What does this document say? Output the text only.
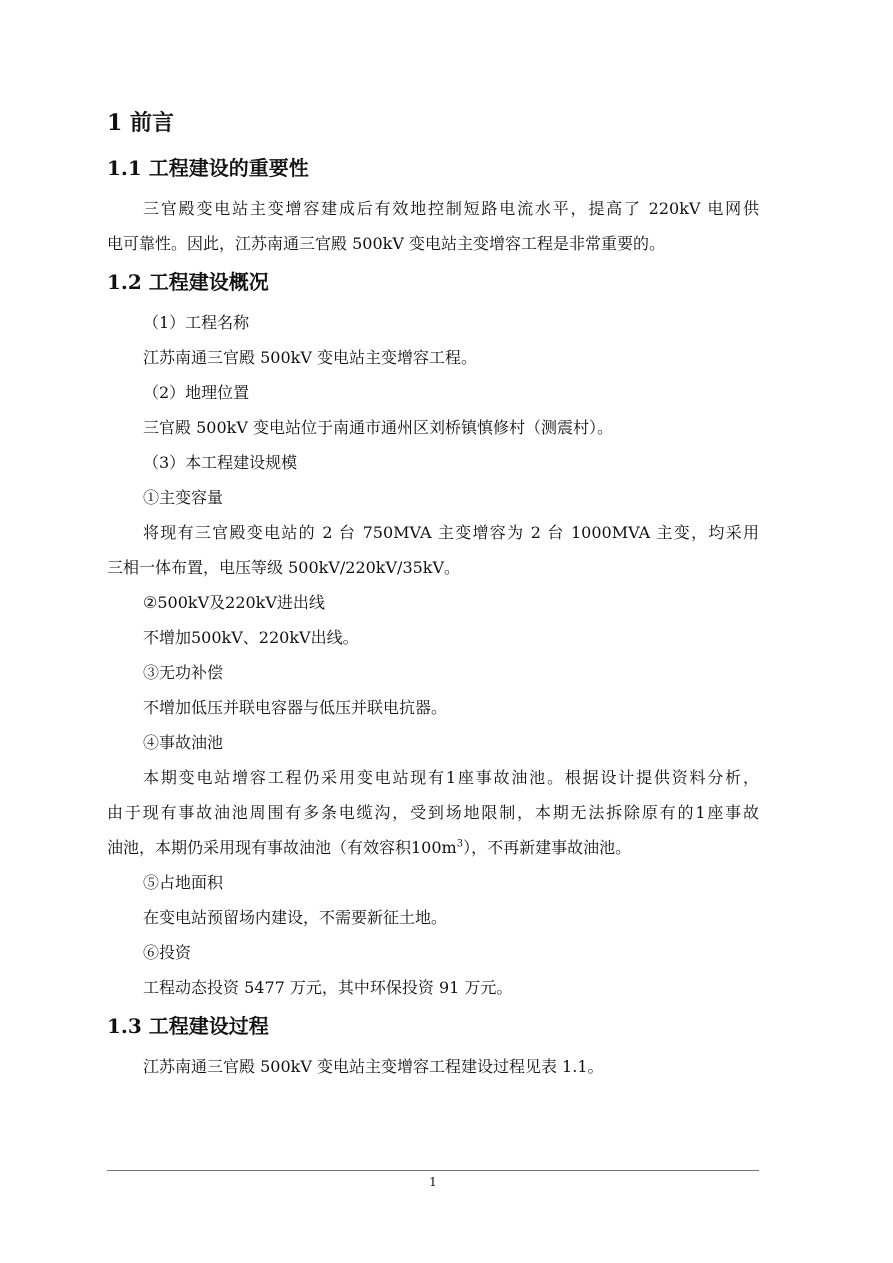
1 前言
1.1 工程建设的重要性
三官殿变电站主变增容建成后有效地控制短路电流水平，提高了 220kV 电网供
电可靠性。因此，江苏南通三官殿 500kV 变电站主变增容工程是非常重要的。
1.2 工程建设概况
（1）工程名称
江苏南通三官殿 500kV 变电站主变增容工程。
（2）地理位置
三官殿 500kV 变电站位于南通市通州区刘桥镇慎修村（测震村）。
（3）本工程建设规模
①主变容量
将现有三官殿变电站的 2 台 750MVA 主变增容为 2 台 1000MVA 主变，均采用
三相一体布置，电压等级 500kV/220kV/35kV。
②500kV及220kV进出线
不增加500kV、220kV出线。
③无功补偿
不增加低压并联电容器与低压并联电抗器。
④事故油池
本期变电站增容工程仍采用变电站现有1座事故油池。根据设计提供资料分析，
由于现有事故油池周围有多条电缆沟，受到场地限制，本期无法拆除原有的1座事故
油池，本期仍采用现有事故油池（有效容积$100m^3$），不再新建事故油池。
⑤占地面积
在变电站预留场内建设，不需要新征土地。
⑥投资
工程动态投资 5477 万元，其中环保投资 91 万元。
1.3 工程建设过程
江苏南通三官殿 500kV 变电站主变增容工程建设过程见表 1.1。
1
